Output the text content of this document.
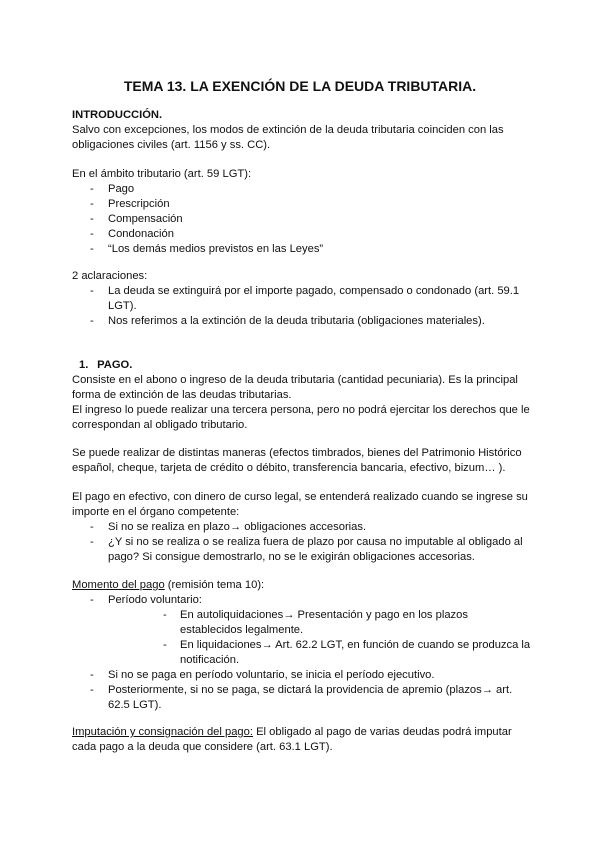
TEMA 13. LA EXENCIÓN DE LA DEUDA TRIBUTARIA.

INTRODUCCIÓN.

Salvo con excepciones, los modos de extinción de la deuda tributaria coinciden con las obligaciones civiles (art. 1156 y ss. CC).

En el ámbito tributario (art. 59 LGT):

- Pago
- Prescripción
- Compensación
- Condonación
- “Los demás medios previstos en las Leyes”

2 aclaraciones:

- La deuda se extinguirá por el importe pagado, compensado o condonado (art. 59.1 LGT).
- Nos referimos a la extinción de la deuda tributaria (obligaciones materiales).

1. PAGO.

Consiste en el abono o ingreso de la deuda tributaria (cantidad pecuniaria). Es la principal forma de extinción de las deudas tributarias.

El ingreso lo puede realizar una tercera persona, pero no podrá ejercitar los derechos que le correspondan al obligado tributario.

Se puede realizar de distintas maneras (efectos timbrados, bienes del Patrimonio Histórico español, cheque, tarjeta de crédito o débito, transferencia bancaria, efectivo, bizum… ).

El pago en efectivo, con dinero de curso legal, se entenderá realizado cuando se ingrese su importe en el órgano competente:

- Si no se realiza en plazo→ obligaciones accesorias.
- ¿Y si no se realiza o se realiza fuera de plazo por causa no imputable al obligado al pago? Si consigue demostrarlo, no se le exigirán obligaciones accesorias.

Momento del pago (remisión tema 10):

- Período voluntario:
- En autoliquidaciones→ Presentación y pago en los plazos establecidos legalmente.
- En liquidaciones→ Art. 62.2 LGT, en función de cuando se produzca la notificación.
- Si no se paga en período voluntario, se inicia el período ejecutivo.
- Posteriormente, si no se paga, se dictará la providencia de apremio (plazos→ art. 62.5 LGT).

Imputación y consignación del pago: El obligado al pago de varias deudas podrá imputar cada pago a la deuda que considere (art. 63.1 LGT).
